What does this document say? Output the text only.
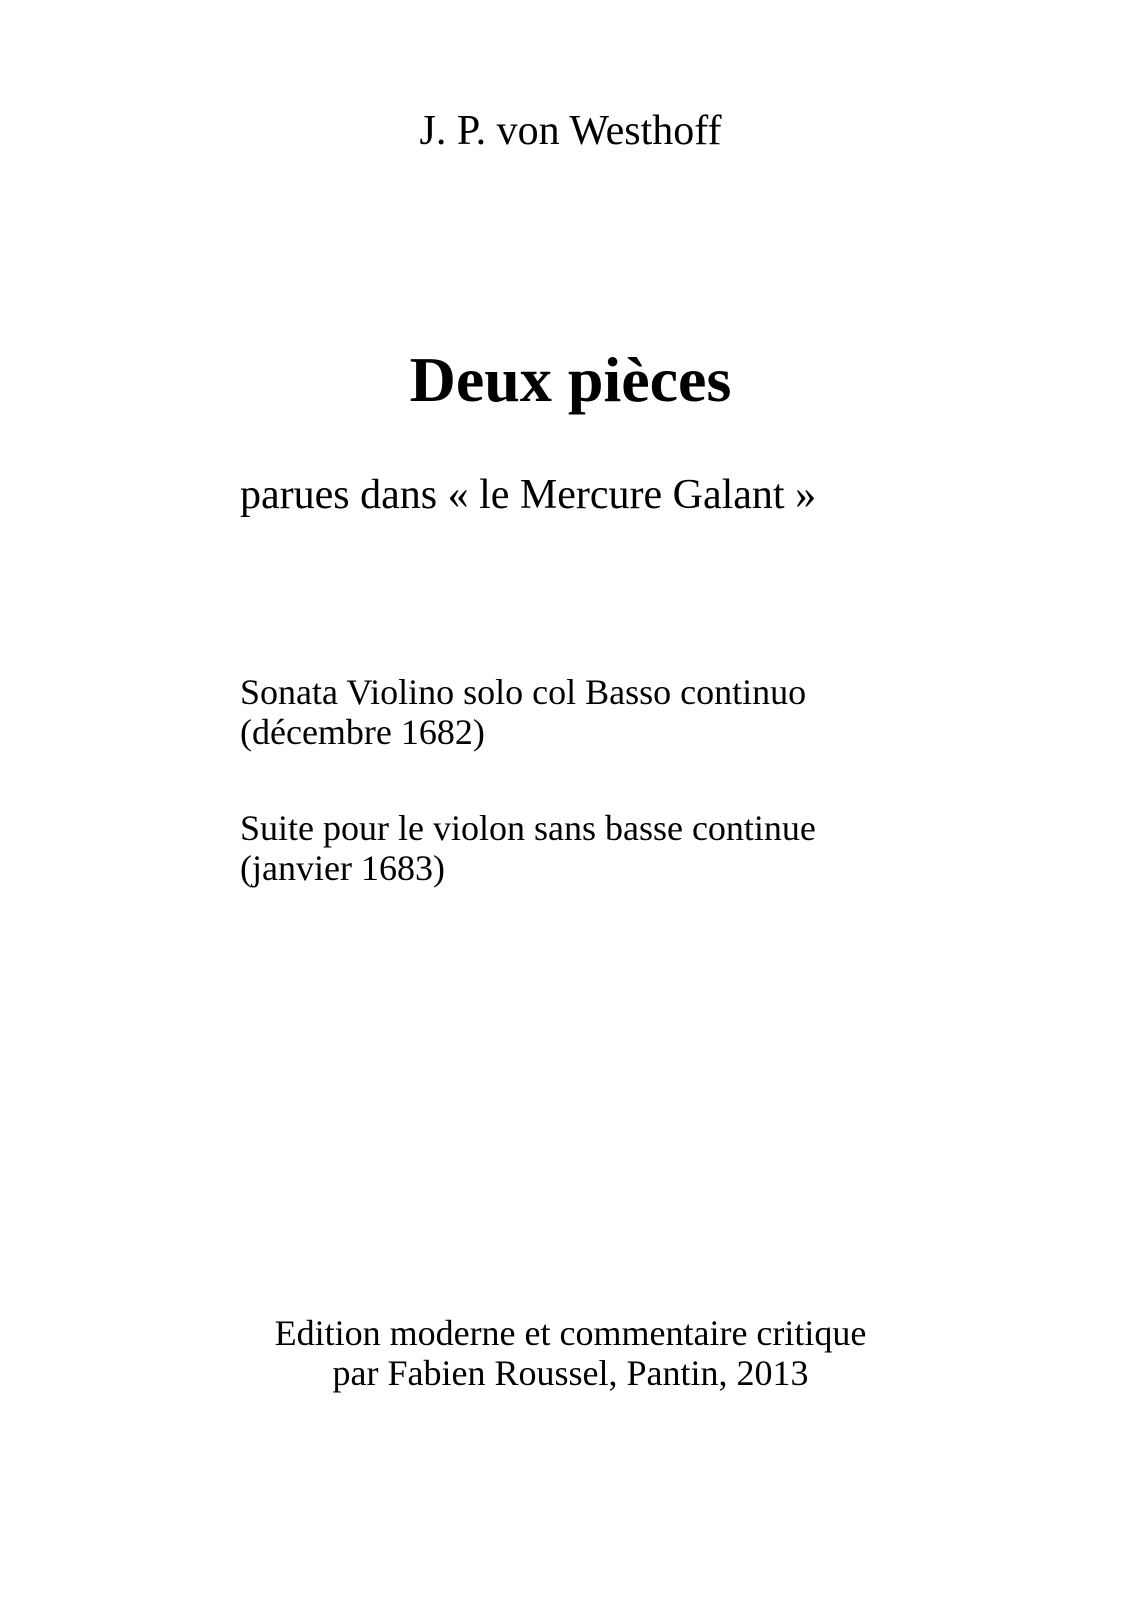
J. P. von Westhoff
Deux pièces
parues dans « le Mercure Galant »
Sonata Violino solo col Basso continuo
(décembre 1682)
Suite pour le violon sans basse continue
(janvier 1683)
Edition moderne et commentaire critique
par Fabien Roussel, Pantin, 2013
